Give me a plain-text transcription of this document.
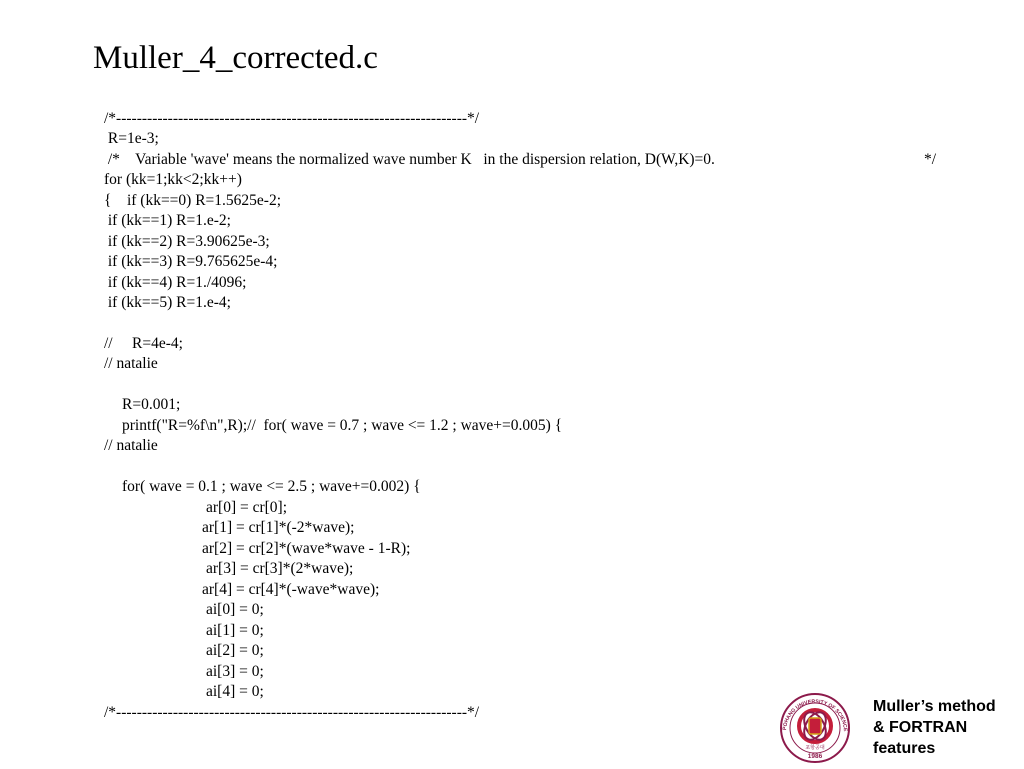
Muller_4_corrected.c
/*--------------------------------------------------------------------*/
R=1e-3;
/*    Variable 'wave' means the normalized wave number K   in the dispersion relation, D(W,K)=0.	*/
for (kk=1;kk<2;kk++)
{    if (kk==0) R=1.5625e-2;
if (kk==1) R=1.e-2;
if (kk==2) R=3.90625e-3;
if (kk==3) R=9.765625e-4;
if (kk==4) R=1./4096;
if (kk==5) R=1.e-4;
//     R=4e-4;
// natalie
R=0.001;
printf("R=%f\n",R);//  for( wave = 0.7 ; wave <= 1.2 ; wave+=0.005) {
// natalie
for( wave = 0.1 ; wave <= 2.5 ; wave+=0.002) {
ar[0] = cr[0];
ar[1] = cr[1]*(-2*wave);
ar[2] = cr[2]*(wave*wave - 1-R);
ar[3] = cr[3]*(2*wave);
ar[4] = cr[4]*(-wave*wave);
ai[0] = 0;
ai[1] = 0;
ai[2] = 0;
ai[3] = 0;
ai[4] = 0;
/*--------------------------------------------------------------------*/
POHANG UNIVERSITY OF SCIENCE
포항공대
1986
Muller’s method
& FORTRAN
features
